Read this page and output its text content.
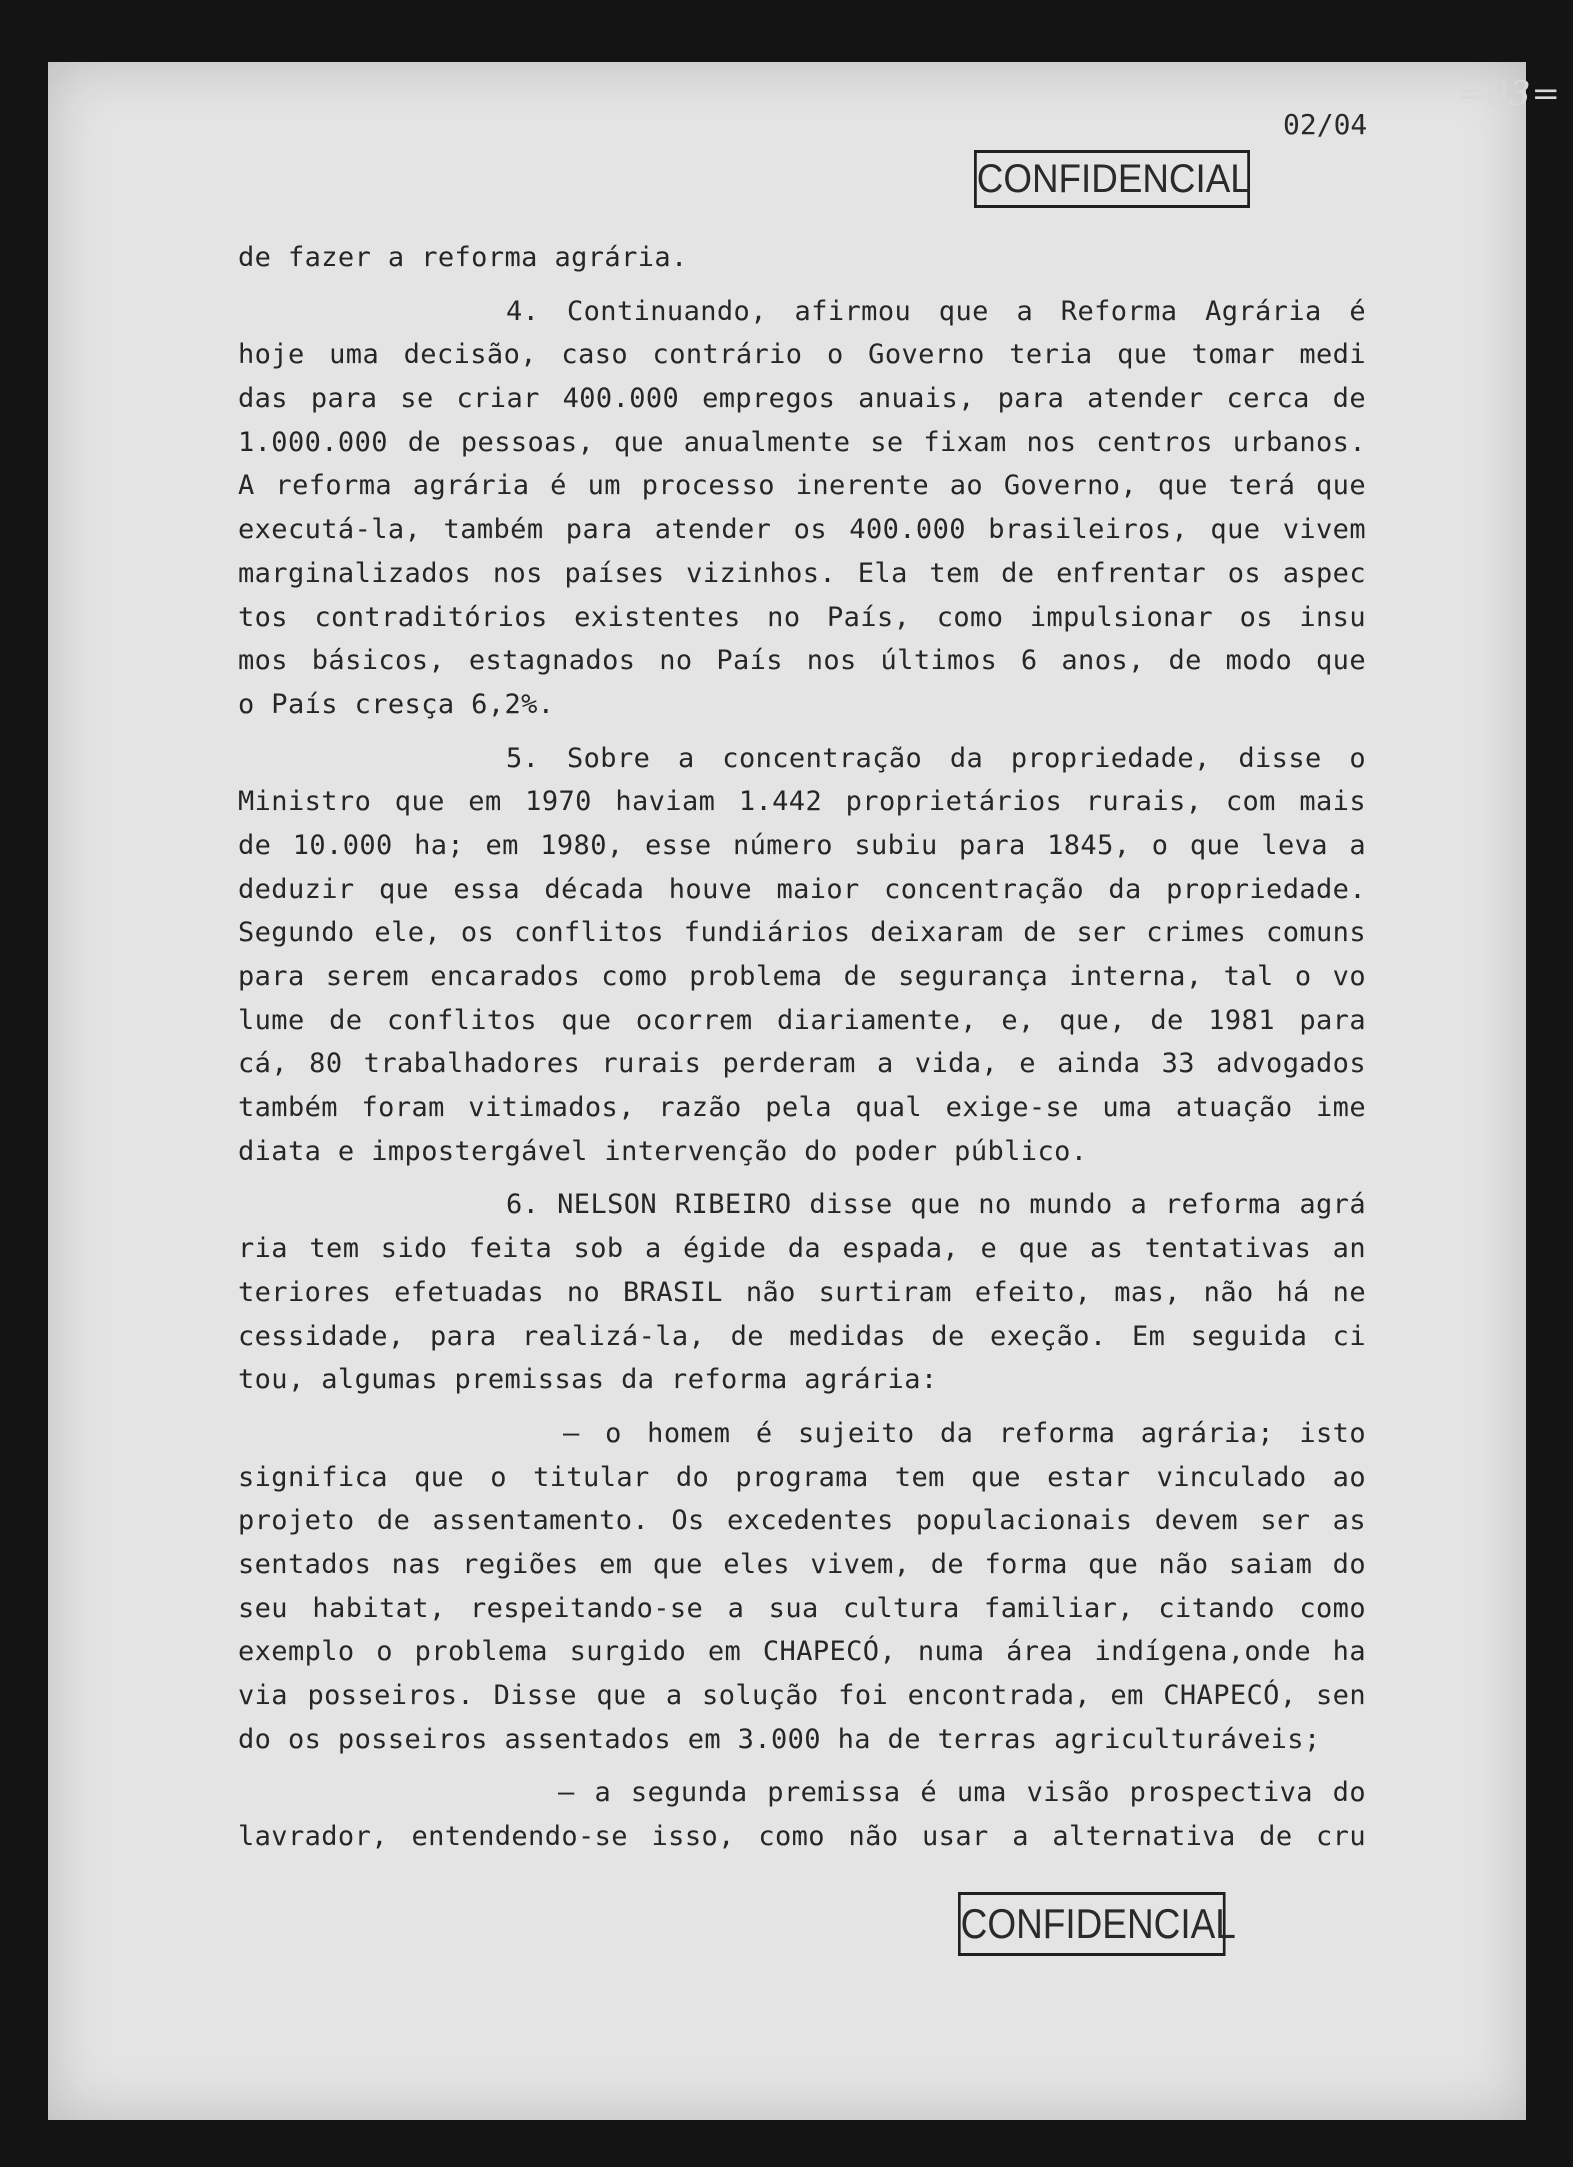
=03=
02/04
CONFIDENCIAL
de fazer a reforma agrária.
4. Continuando, afirmou que a Reforma Agrária é
hoje uma decisão, caso contrário o Governo teria que tomar medi
das para se criar 400.000 empregos anuais, para atender cerca de
1.000.000 de pessoas, que anualmente se fixam nos centros urbanos.
A reforma agrária é um processo inerente ao Governo, que terá que
executá-la, também para atender os 400.000 brasileiros, que vivem
marginalizados nos países vizinhos. Ela tem de enfrentar os aspec
tos contraditórios existentes no País, como impulsionar os insu
mos básicos, estagnados no País nos últimos 6 anos, de modo que
o País cresça 6,2%.
5. Sobre a concentração da propriedade, disse o
Ministro que em 1970 haviam 1.442 proprietários rurais, com mais
de 10.000 ha; em 1980, esse número subiu para 1845, o que leva a
deduzir que essa década houve maior concentração da propriedade.
Segundo ele, os conflitos fundiários deixaram de ser crimes comuns
para serem encarados como problema de segurança interna, tal o vo
lume de conflitos que ocorrem diariamente, e, que, de 1981 para
cá, 80 trabalhadores rurais perderam a vida, e ainda 33 advogados
também foram vitimados, razão pela qual exige-se uma atuação ime
diata e impostergável intervenção do poder público.
6. NELSON RIBEIRO disse que no mundo a reforma agrá
ria tem sido feita sob a égide da espada, e que as tentativas an
teriores efetuadas no BRASIL não surtiram efeito, mas, não há ne
cessidade, para realizá-la, de medidas de exeção. Em seguida ci
tou, algumas premissas da reforma agrária:
— o homem é sujeito da reforma agrária; isto
significa que o titular do programa tem que estar vinculado ao
projeto de assentamento. Os excedentes populacionais devem ser as
sentados nas regiões em que eles vivem, de forma que não saiam do
seu habitat, respeitando-se a sua cultura familiar, citando como
exemplo o problema surgido em CHAPECÓ, numa área indígena,onde ha
via posseiros. Disse que a solução foi encontrada, em CHAPECÓ, sen
do os posseiros assentados em 3.000 ha de terras agriculturáveis;
— a segunda premissa é uma visão prospectiva do
lavrador, entendendo-se isso, como não usar a alternativa de cru
CONFIDENCIAL
